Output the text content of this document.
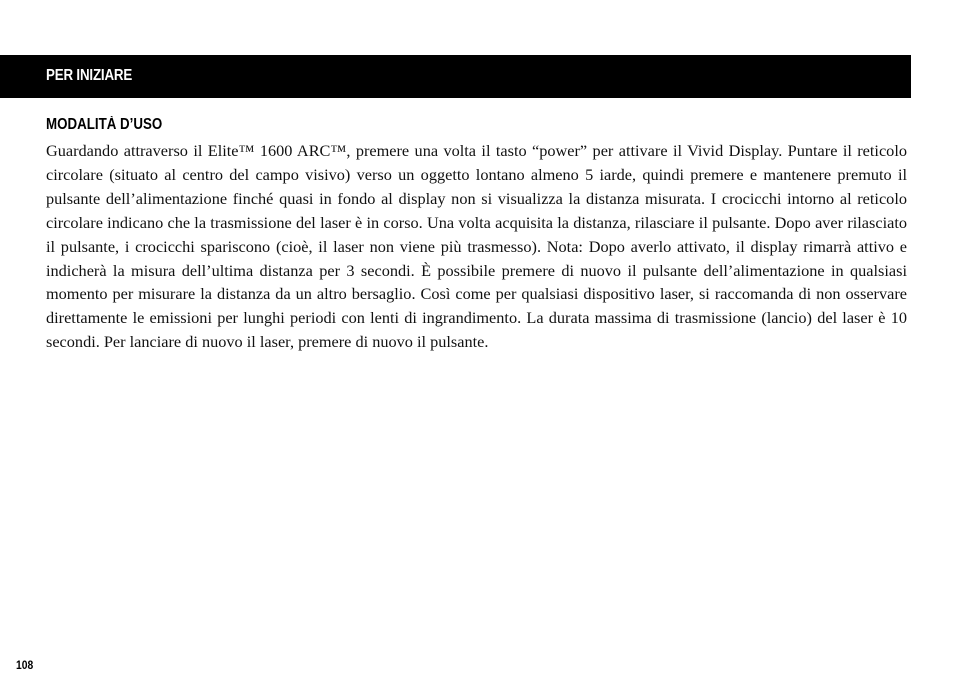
PER INIZIARE
MODALITÀ D’USO

Guardando attraverso il Elite™ 1600 ARC™, premere una volta il tasto “power” per attivare il Vivid Display. Puntare il reticolo circolare (situato al centro del campo visivo) verso un oggetto lontano almeno 5 iarde, quindi premere e mantenere premuto il pulsante dell’alimentazione finché quasi in fondo al display non si visualizza la distanza misurata. I crocicchi intorno al reticolo circolare indicano che la trasmissione del laser è in corso. Una volta acquisita la distanza, rilasciare il pulsante. Dopo aver rilasciato il pulsante, i crocicchi spariscono (cioè, il laser non viene più trasmesso). Nota: Dopo averlo attivato, il display rimarrà attivo e indicherà la misura dell’ultima distanza per 3 secondi. È possibile premere di nuovo il pulsante dell’alimentazione in qualsiasi momento per misurare la distanza da un altro bersaglio. Così come per qualsiasi dispositivo laser, si raccomanda di non osservare direttamente le emissioni per lunghi periodi con lenti di ingrandimento. La durata massima di trasmissione (lancio) del laser è 10 secondi. Per lanciare di nuovo il laser, premere di nuovo il pulsante.

108
